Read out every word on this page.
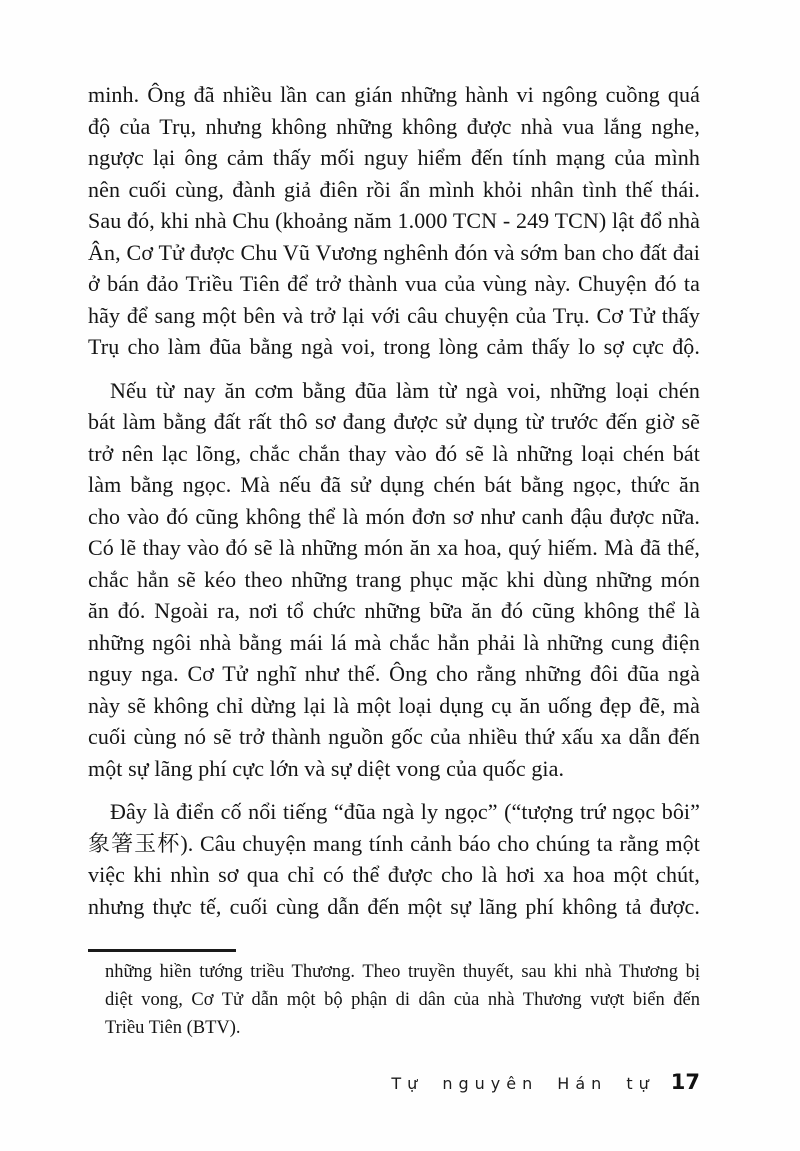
minh. Ông đã nhiều lần can gián những hành vi ngông cuồng quá
độ của Trụ, nhưng không những không được nhà vua lắng nghe,
ngược lại ông cảm thấy mối nguy hiểm đến tính mạng của mình
nên cuối cùng, đành giả điên rồi ẩn mình khỏi nhân tình thế thái.
Sau đó, khi nhà Chu (khoảng năm 1.000 TCN - 249 TCN) lật đổ nhà
Ân, Cơ Tử được Chu Vũ Vương nghênh đón và sớm ban cho đất đai
ở bán đảo Triều Tiên để trở thành vua của vùng này. Chuyện đó ta
hãy để sang một bên và trở lại với câu chuyện của Trụ. Cơ Tử thấy
Trụ cho làm đũa bằng ngà voi, trong lòng cảm thấy lo sợ cực độ.
Nếu từ nay ăn cơm bằng đũa làm từ ngà voi, những loại chén
bát làm bằng đất rất thô sơ đang được sử dụng từ trước đến giờ sẽ
trở nên lạc lõng, chắc chắn thay vào đó sẽ là những loại chén bát
làm bằng ngọc. Mà nếu đã sử dụng chén bát bằng ngọc, thức ăn
cho vào đó cũng không thể là món đơn sơ như canh đậu được nữa.
Có lẽ thay vào đó sẽ là những món ăn xa hoa, quý hiếm. Mà đã thế,
chắc hẳn sẽ kéo theo những trang phục mặc khi dùng những món
ăn đó. Ngoài ra, nơi tổ chức những bữa ăn đó cũng không thể là
những ngôi nhà bằng mái lá mà chắc hẳn phải là những cung điện
nguy nga. Cơ Tử nghĩ như thế. Ông cho rằng những đôi đũa ngà
này sẽ không chỉ dừng lại là một loại dụng cụ ăn uống đẹp đẽ, mà
cuối cùng nó sẽ trở thành nguồn gốc của nhiều thứ xấu xa dẫn đến
một sự lãng phí cực lớn và sự diệt vong của quốc gia.
Đây là điển cố nổi tiếng “đũa ngà ly ngọc” (“tượng trứ ngọc bôi”
象箸玉杯). Câu chuyện mang tính cảnh báo cho chúng ta rằng một
việc khi nhìn sơ qua chỉ có thể được cho là hơi xa hoa một chút,
nhưng thực tế, cuối cùng dẫn đến một sự lãng phí không tả được.
những hiền tướng triều Thương. Theo truyền thuyết, sau khi nhà Thương bị
diệt vong, Cơ Tử dẫn một bộ phận di dân của nhà Thương vượt biển đến
Triều Tiên (BTV).
Tự nguyên Hán tự 17
